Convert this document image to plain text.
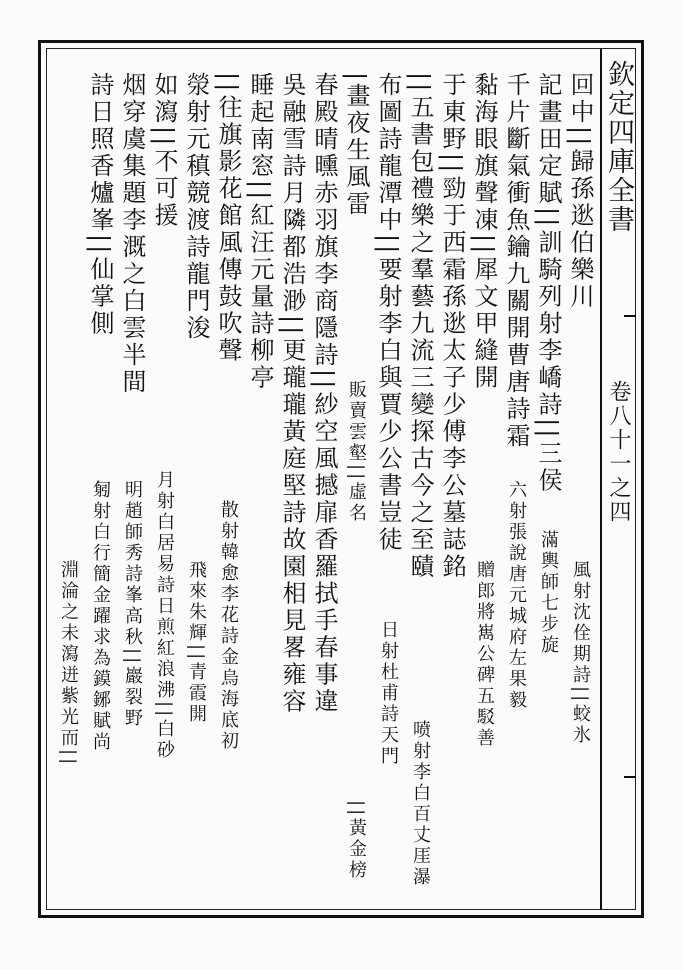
欽定四庫全書
卷八十一之四
回中||歸孫逖伯樂川
記畫田定賦||訓騎列射李嶠詩||三侯
千片斷氣衝魚鑰九關開曹唐詩霜
黏海眼旗聲凍||犀文甲縫開
于東野||勁于西霜孫逖太子少傅李公墓誌銘
||五書包禮樂之羣藝九流三變探古今之至賾
布圖詩龍潭中||要射李白與賈少公書豈徒
|畫夜生風雷
春殿晴曛赤羽旗李商隱詩||紗空風撼扉香羅拭手春事違
吳融雪詩月隣都浩渺||更瓏瓏黃庭堅詩故園相見畧雍容
睡起南窓||紅汪元量詩柳亭
||往旗影花館風傳鼓吹聲
滎射元稹競渡詩龍門浚
如瀉||不可援
烟穿虞集題李溉之白雲半間
詩日照香爐峯||仙掌側
風射沈佺期詩||蛟氷
滿輿師七步旋
六射張說唐元城府左果毅
贈郎將嶲公碑五駁善
喷射李白百丈厓瀑
日射杜甫詩天門
販賣雲壑||虛名
||黃金榜
散射韓愈李花詩金烏海底初
飛來朱輝||青霞開
月射白居易詩日煎紅浪沸||白砂
明趙師秀詩峯高秋||巖裂野
匑射白行簡金躍求為鏌鋣賦尚
淵淪之未瀉迸紫光而||
